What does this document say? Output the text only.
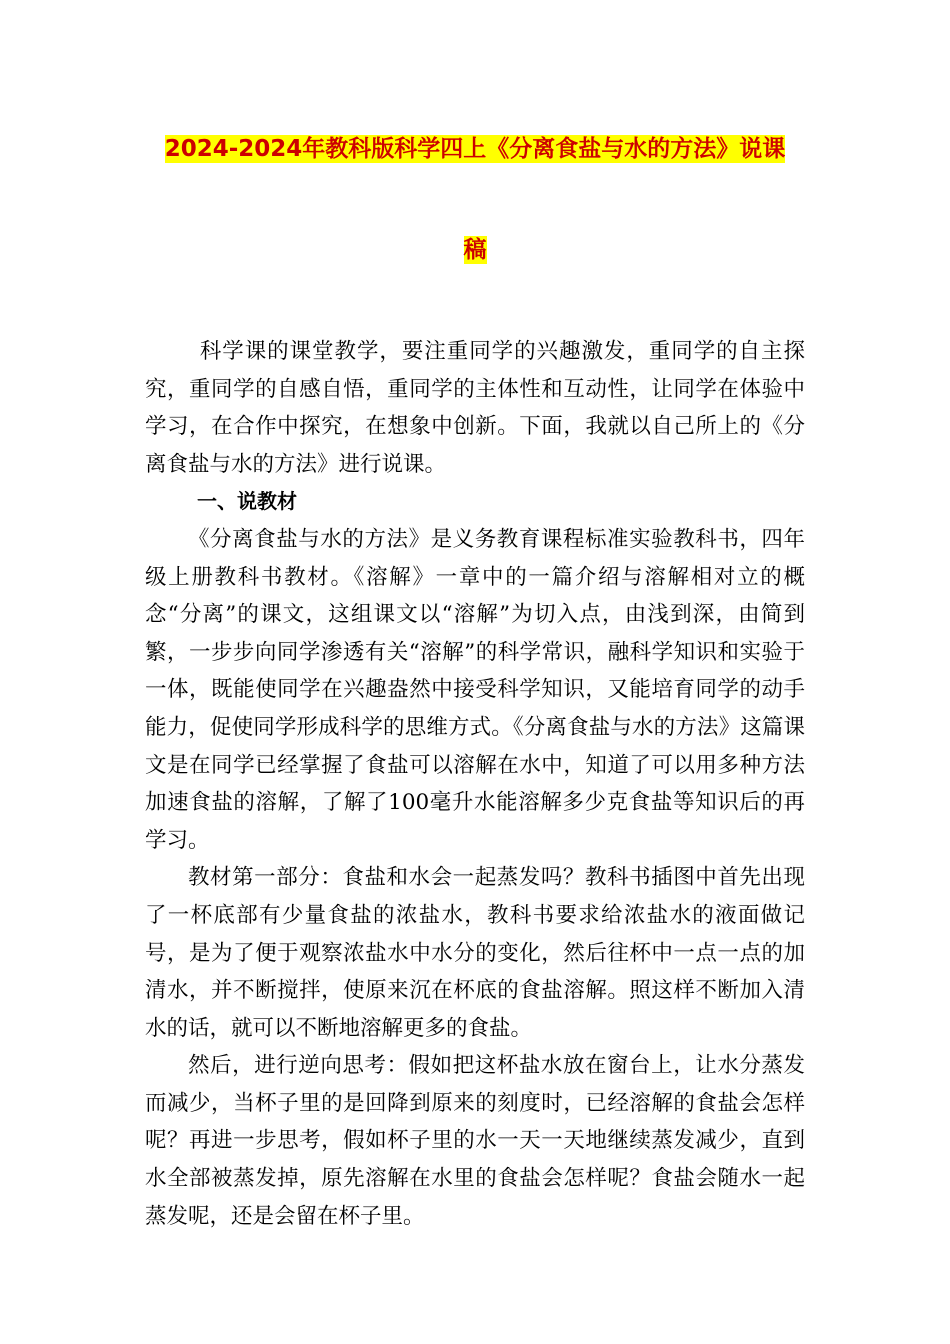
2024-2024年教科版科学四上《分离食盐与水的方法》说课
稿

科学课的课堂教学，要注重同学的兴趣激发，重同学的自主探究，重同学的自感自悟，重同学的主体性和互动性，让同学在体验中学习，在合作中探究，在想象中创新。下面，我就以自己所上的《分离食盐与水的方法》进行说课。

一、说教材

《分离食盐与水的方法》是义务教育课程标准实验教科书，四年级上册教科书教材。《溶解》一章中的一篇介绍与溶解相对立的概念“分离”的课文，这组课文以“溶解”为切入点，由浅到深，由简到繁，一步步向同学渗透有关“溶解”的科学常识，融科学知识和实验于一体，既能使同学在兴趣盎然中接受科学知识，又能培育同学的动手能力，促使同学形成科学的思维方式。《分离食盐与水的方法》这篇课文是在同学已经掌握了食盐可以溶解在水中，知道了可以用多种方法加速食盐的溶解，了解了100毫升水能溶解多少克食盐等知识后的再学习。

教材第一部分：食盐和水会一起蒸发吗？教科书插图中首先出现了一杯底部有少量食盐的浓盐水，教科书要求给浓盐水的液面做记号，是为了便于观察浓盐水中水分的变化，然后往杯中一点一点的加清水，并不断搅拌，使原来沉在杯底的食盐溶解。照这样不断加入清水的话，就可以不断地溶解更多的食盐。

然后，进行逆向思考：假如把这杯盐水放在窗台上，让水分蒸发而减少，当杯子里的是回降到原来的刻度时，已经溶解的食盐会怎样呢？再进一步思考，假如杯子里的水一天一天地继续蒸发减少，直到水全部被蒸发掉，原先溶解在水里的食盐会怎样呢？食盐会随水一起蒸发呢，还是会留在杯子里。
